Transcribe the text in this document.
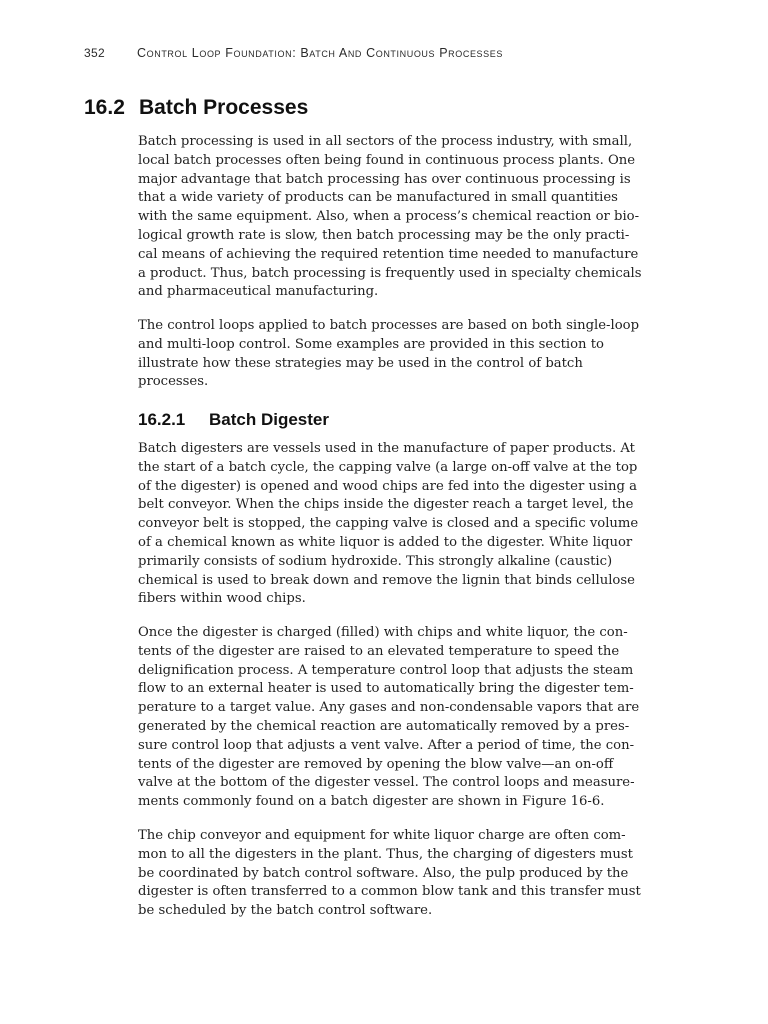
352	Control Loop Foundation: Batch And Continuous Processes
16.2 Batch Processes
Batch processing is used in all sectors of the process industry, with small,
local batch processes often being found in continuous process plants. One
major advantage that batch processing has over continuous processing is
that a wide variety of products can be manufactured in small quantities
with the same equipment. Also, when a process’s chemical reaction or bio-
logical growth rate is slow, then batch processing may be the only practi-
cal means of achieving the required retention time needed to manufacture
a product. Thus, batch processing is frequently used in specialty chemicals
and pharmaceutical manufacturing.
The control loops applied to batch processes are based on both single-loop
and multi-loop control. Some examples are provided in this section to
illustrate how these strategies may be used in the control of batch
processes.
16.2.1 Batch Digester
Batch digesters are vessels used in the manufacture of paper products. At
the start of a batch cycle, the capping valve (a large on-off valve at the top
of the digester) is opened and wood chips are fed into the digester using a
belt conveyor. When the chips inside the digester reach a target level, the
conveyor belt is stopped, the capping valve is closed and a specific volume
of a chemical known as white liquor is added to the digester. White liquor
primarily consists of sodium hydroxide. This strongly alkaline (caustic)
chemical is used to break down and remove the lignin that binds cellulose
fibers within wood chips.
Once the digester is charged (filled) with chips and white liquor, the con-
tents of the digester are raised to an elevated temperature to speed the
delignification process. A temperature control loop that adjusts the steam
flow to an external heater is used to automatically bring the digester tem-
perature to a target value. Any gases and non-condensable vapors that are
generated by the chemical reaction are automatically removed by a pres-
sure control loop that adjusts a vent valve. After a period of time, the con-
tents of the digester are removed by opening the blow valve—an on-off
valve at the bottom of the digester vessel. The control loops and measure-
ments commonly found on a batch digester are shown in Figure 16-6.
The chip conveyor and equipment for white liquor charge are often com-
mon to all the digesters in the plant. Thus, the charging of digesters must
be coordinated by batch control software. Also, the pulp produced by the
digester is often transferred to a common blow tank and this transfer must
be scheduled by the batch control software.
